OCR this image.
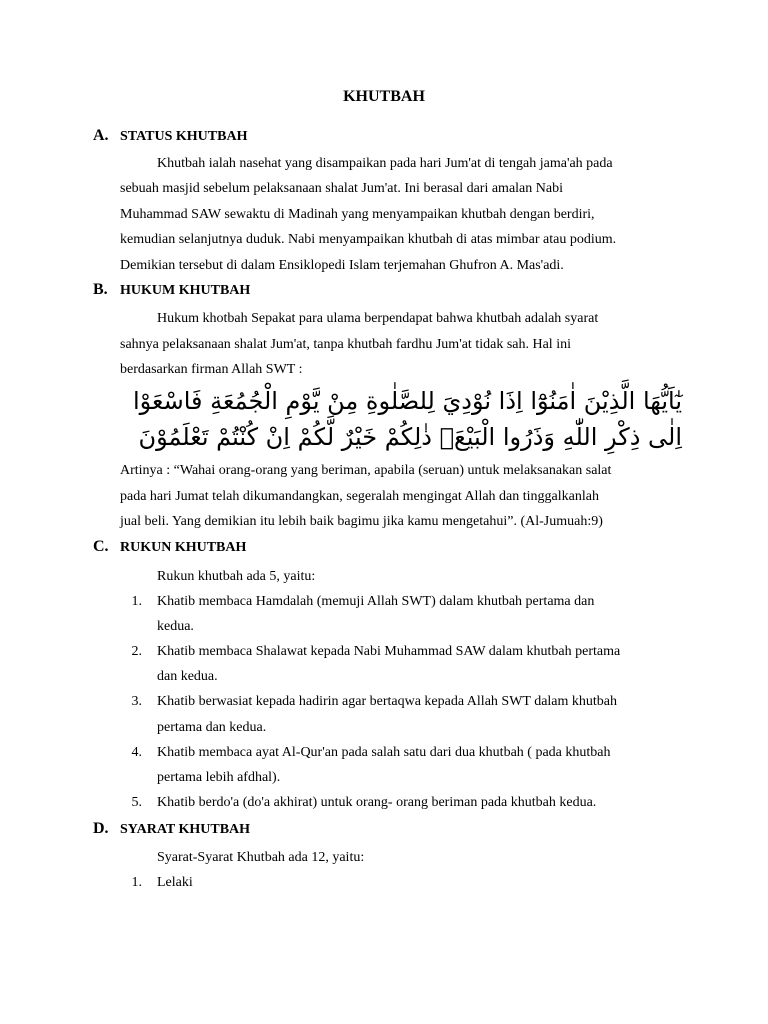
KHUTBAH
A. STATUS KHUTBAH
Khutbah ialah nasehat yang disampaikan pada hari Jum'at di tengah jama'ah pada
sebuah masjid sebelum pelaksanaan shalat Jum'at. Ini berasal dari amalan Nabi
Muhammad SAW sewaktu di Madinah yang menyampaikan khutbah dengan berdiri,
kemudian selanjutnya duduk. Nabi menyampaikan khutbah di atas mimbar atau podium.
Demikian tersebut di dalam Ensiklopedi Islam terjemahan Ghufron A. Mas'adi.
B. HUKUM KHUTBAH
Hukum khotbah Sepakat para ulama berpendapat bahwa khutbah adalah syarat
sahnya pelaksanaan shalat Jum'at, tanpa khutbah fardhu Jum'at tidak sah. Hal ini
berdasarkan firman Allah SWT :
يٰٓاَيُّهَا الَّذِيْنَ اٰمَنُوْٓا اِذَا نُوْدِيَ لِلصَّلٰوةِ مِنْ يَّوْمِ الْجُمُعَةِ فَاسْعَوْا
اِلٰى ذِكْرِ اللّٰهِ وَذَرُوا الْبَيْعَۗ ذٰلِكُمْ خَيْرٌ لَّكُمْ اِنْ كُنْتُمْ تَعْلَمُوْنَ
Artinya : “Wahai orang-orang yang beriman, apabila (seruan) untuk melaksanakan salat
pada hari Jumat telah dikumandangkan, segeralah mengingat Allah dan tinggalkanlah
jual beli. Yang demikian itu lebih baik bagimu jika kamu mengetahui”. (Al-Jumuah:9)
C. RUKUN KHUTBAH
Rukun khutbah ada 5, yaitu:
1. Khatib membaca Hamdalah (memuji Allah SWT) dalam khutbah pertama dan
kedua.
2. Khatib membaca Shalawat kepada Nabi Muhammad SAW dalam khutbah pertama
dan kedua.
3. Khatib berwasiat kepada hadirin agar bertaqwa kepada Allah SWT dalam khutbah
pertama dan kedua.
4. Khatib membaca ayat Al-Qur'an pada salah satu dari dua khutbah ( pada khutbah
pertama lebih afdhal).
5. Khatib berdo'a (do'a akhirat) untuk orang- orang beriman pada khutbah kedua.
D. SYARAT KHUTBAH
Syarat-Syarat Khutbah ada 12, yaitu:
1. Lelaki
